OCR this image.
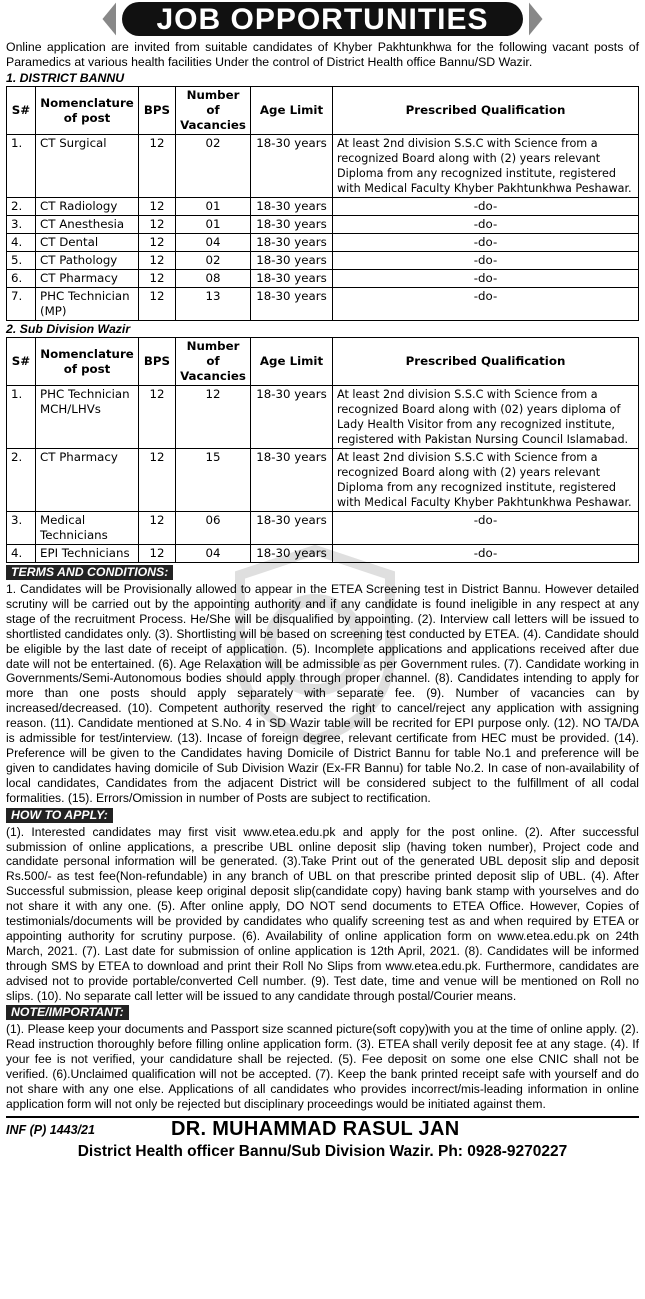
JOB OPPORTUNITIES

Online application are invited from suitable candidates of Khyber Pakhtunkhwa for the following vacant posts of Paramedics at various health facilities Under the control of District Health office Bannu/SD Wazir.

1. DISTRICT BANNU
S#	Nomenclature of post	BPS	Number of Vacancies	Age Limit	Prescribed Qualification
1.	CT Surgical	12	02	18-30 years	At least 2nd division S.S.C with Science from a recognized Board along with (2) years relevant Diploma from any recognized institute, registered with Medical Faculty Khyber Pakhtunkhwa Peshawar.
2.	CT Radiology	12	01	18-30 years	-do-
3.	CT Anesthesia	12	01	18-30 years	-do-
4.	CT Dental	12	04	18-30 years	-do-
5.	CT Pathology	12	02	18-30 years	-do-
6.	CT Pharmacy	12	08	18-30 years	-do-
7.	PHC Technician (MP)	12	13	18-30 years	-do-
2. Sub Division Wazir
S#	Nomenclature of post	BPS	Number of Vacancies	Age Limit	Prescribed Qualification
1.	PHC Technician MCH/LHVs	12	12	18-30 years	At least 2nd division S.S.C with Science from a recognized Board along with (02) years diploma of Lady Health Visitor from any recognized institute, registered with Pakistan Nursing Council Islamabad.
2.	CT Pharmacy	12	15	18-30 years	At least 2nd division S.S.C with Science from a recognized Board along with (2) years relevant Diploma from any recognized institute, registered with Medical Faculty Khyber Pakhtunkhwa Peshawar.
3.	Medical Technicians	12	06	18-30 years	-do-
4.	EPI Technicians	12	04	18-30 years	-do-
TERMS AND CONDITIONS:

1. Candidates will be Provisionally allowed to appear in the ETEA Screening test in District Bannu. However detailed scrutiny will be carried out by the appointing authority and if any candidate is found ineligible in any respect at any stage of the recruitment Process. He/She will be disqualified by appointing. (2). Interview call letters will be issued to shortlisted candidates only. (3). Shortlisting will be based on screening test conducted by ETEA. (4). Candidate should be eligible by the last date of receipt of application. (5). Incomplete applications and applications received after due date will not be entertained. (6). Age Relaxation will be admissible as per Government rules. (7). Candidate working in Governments/Semi-Autonomous bodies should apply through proper channel. (8). Candidates intending to apply for more than one posts should apply separately with separate fee. (9). Number of vacancies can by increased/decreased. (10). Competent authority reserved the right to cancel/reject any application with assigning reason. (11). Candidate mentioned at S.No. 4 in SD Wazir table will be recrited for EPI purpose only. (12). NO TA/DA is admissible for test/interview. (13). Incase of foreign degree, relevant certificate from HEC must be provided. (14). Preference will be given to the Candidates having Domicile of District Bannu for table No.1 and preference will be given to candidates having domicile of Sub Division Wazir (Ex-FR Bannu) for table No.2. In case of non-availability of local candidates, Candidates from the adjacent District will be considered subject to the fulfillment of all codal formalities. (15). Errors/Omission in number of Posts are subject to rectification.

HOW TO APPLY:

(1). Interested candidates may first visit www.etea.edu.pk and apply for the post online. (2). After successful submission of online applications, a prescribe UBL online deposit slip (having token number), Project code and candidate personal information will be generated. (3).Take Print out of the generated UBL deposit slip and deposit Rs.500/- as test fee(Non-refundable) in any branch of UBL on that prescribe printed deposit slip of UBL. (4). After Successful submission, please keep original deposit slip(candidate copy) having bank stamp with yourselves and do not share it with any one. (5). After online apply, DO NOT send documents to ETEA Office. However, Copies of testimonials/documents will be provided by candidates who qualify screening test as and when required by ETEA or appointing authority for scrutiny purpose. (6). Availability of online application form on www.etea.edu.pk on 24th March, 2021. (7). Last date for submission of online application is 12th April, 2021. (8). Candidates will be informed through SMS by ETEA to download and print their Roll No Slips from www.etea.edu.pk. Furthermore, candidates are advised not to provide portable/converted Cell number. (9). Test date, time and venue will be mentioned on Roll no slips. (10). No separate call letter will be issued to any candidate through postal/Courier means.

NOTE/IMPORTANT:

(1). Please keep your documents and Passport size scanned picture(soft copy)with you at the time of online apply. (2). Read instruction thoroughly before filling online application form. (3). ETEA shall verily deposit fee at any stage. (4). If your fee is not verified, your candidature shall be rejected. (5). Fee deposit on some one else CNIC shall not be verified. (6).Unclaimed qualification will not be accepted. (7). Keep the bank printed receipt safe with yourself and do not share with any one else. Applications of all candidates who provides incorrect/mis-leading information in online application form will not only be rejected but disciplinary proceedings would be initiated against them.

INF (P) 1443/21	DR. MUHAMMAD RASUL JAN
District Health officer Bannu/Sub Division Wazir. Ph: 0928-9270227
